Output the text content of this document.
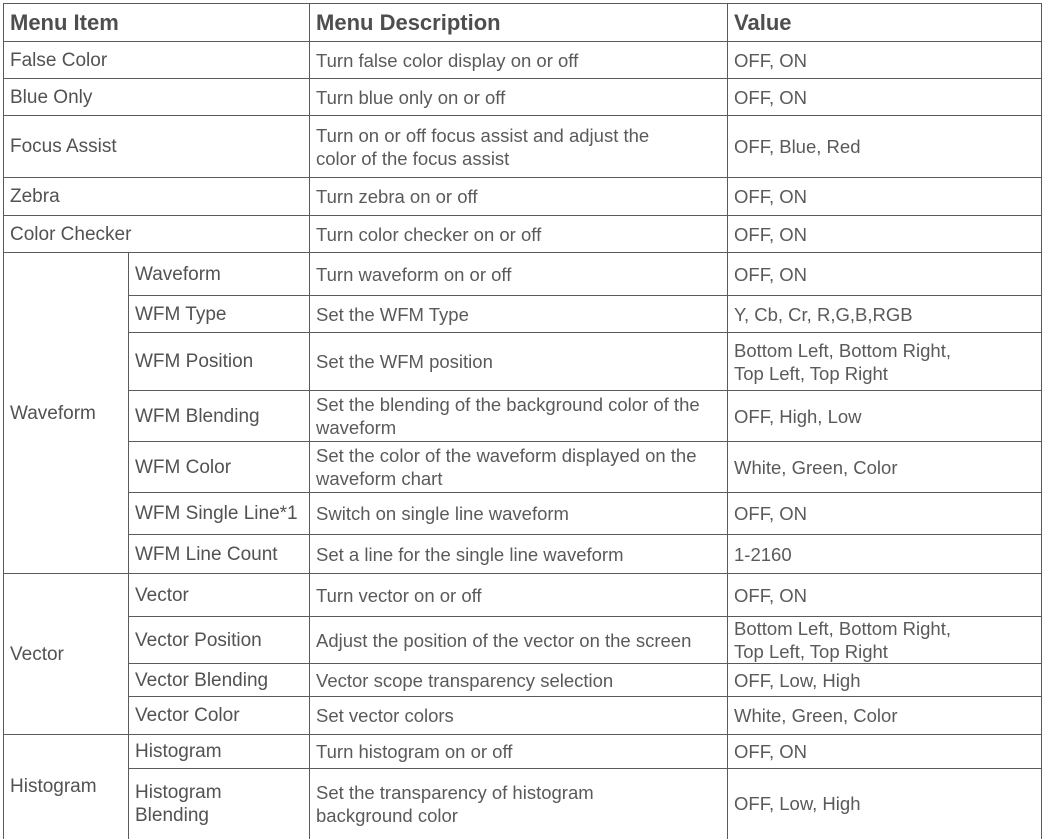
Menu Item		Menu Description	Value
False Color		Turn false color display on or off	OFF, ON
Blue Only		Turn blue only on or off	OFF, ON
Focus Assist		Turn on or off focus assist and adjust the color of the focus assist	OFF, Blue, Red
Zebra		Turn zebra on or off	OFF, ON
Color Checker		Turn color checker on or off	OFF, ON
Waveform	Waveform	Turn waveform on or off	OFF, ON
	WFM Type	Set the WFM Type	Y, Cb, Cr, R,G,B,RGB
	WFM Position	Set the WFM position	Bottom Left, Bottom Right, Top Left, Top Right
	WFM Blending	Set the blending of the background color of the waveform	OFF, High, Low
	WFM Color	Set the color of the waveform displayed on the waveform chart	White, Green, Color
	WFM Single Line*1	Switch on single line waveform	OFF, ON
	WFM Line Count	Set a line for the single line waveform	1-2160
Vector	Vector	Turn vector on or off	OFF, ON
	Vector Position	Adjust the position of the vector on the screen	Bottom Left, Bottom Right, Top Left, Top Right
	Vector Blending	Vector scope transparency selection	OFF, Low, High
	Vector Color	Set vector colors	White, Green, Color
Histogram	Histogram	Turn histogram on or off	OFF, ON
	Histogram Blending	Set the transparency of histogram background color	OFF, Low, High
